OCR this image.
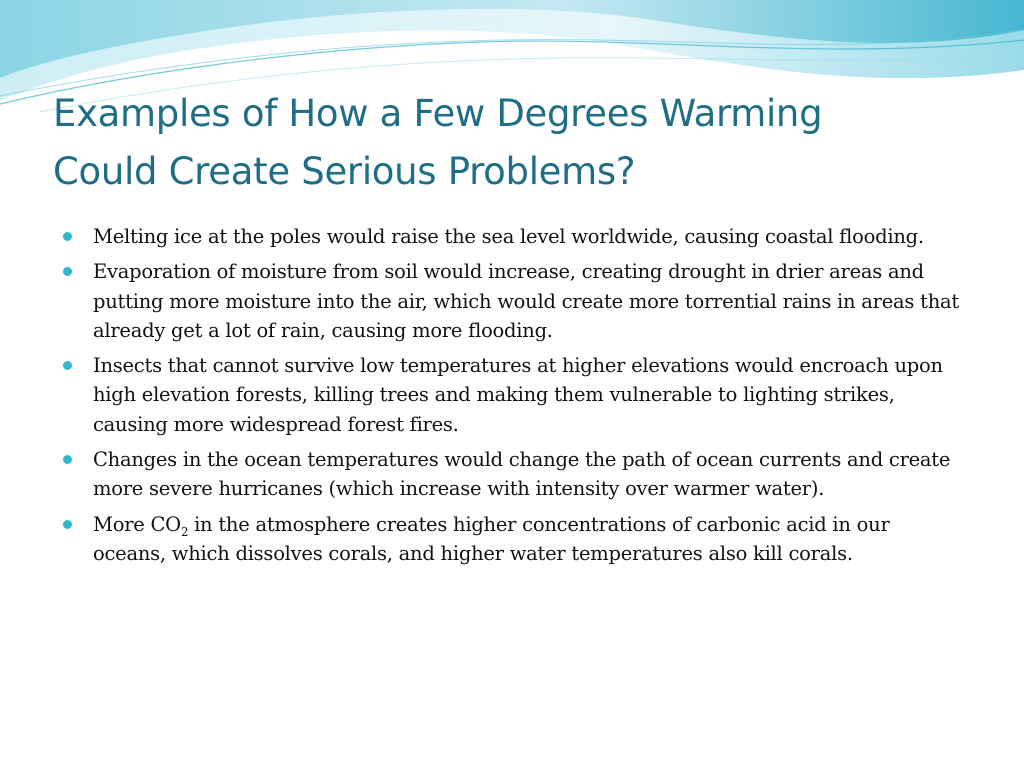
Examples of How a Few Degrees Warming
Could Create Serious Problems?
Melting ice at the poles would raise the sea level worldwide, causing coastal flooding.
Evaporation of moisture from soil would increase, creating drought in drier areas and putting more moisture into the air, which would create more torrential rains in areas that already get a lot of rain, causing more flooding.
Insects that cannot survive low temperatures at higher elevations would encroach upon high elevation forests, killing trees and making them vulnerable to lighting strikes, causing more widespread forest fires.
Changes in the ocean temperatures would change the path of ocean currents and create more severe hurricanes (which increase with intensity over warmer water).
More $CO_2$ in the atmosphere creates higher concentrations of carbonic acid in our oceans, which dissolves corals, and higher water temperatures also kill corals.
